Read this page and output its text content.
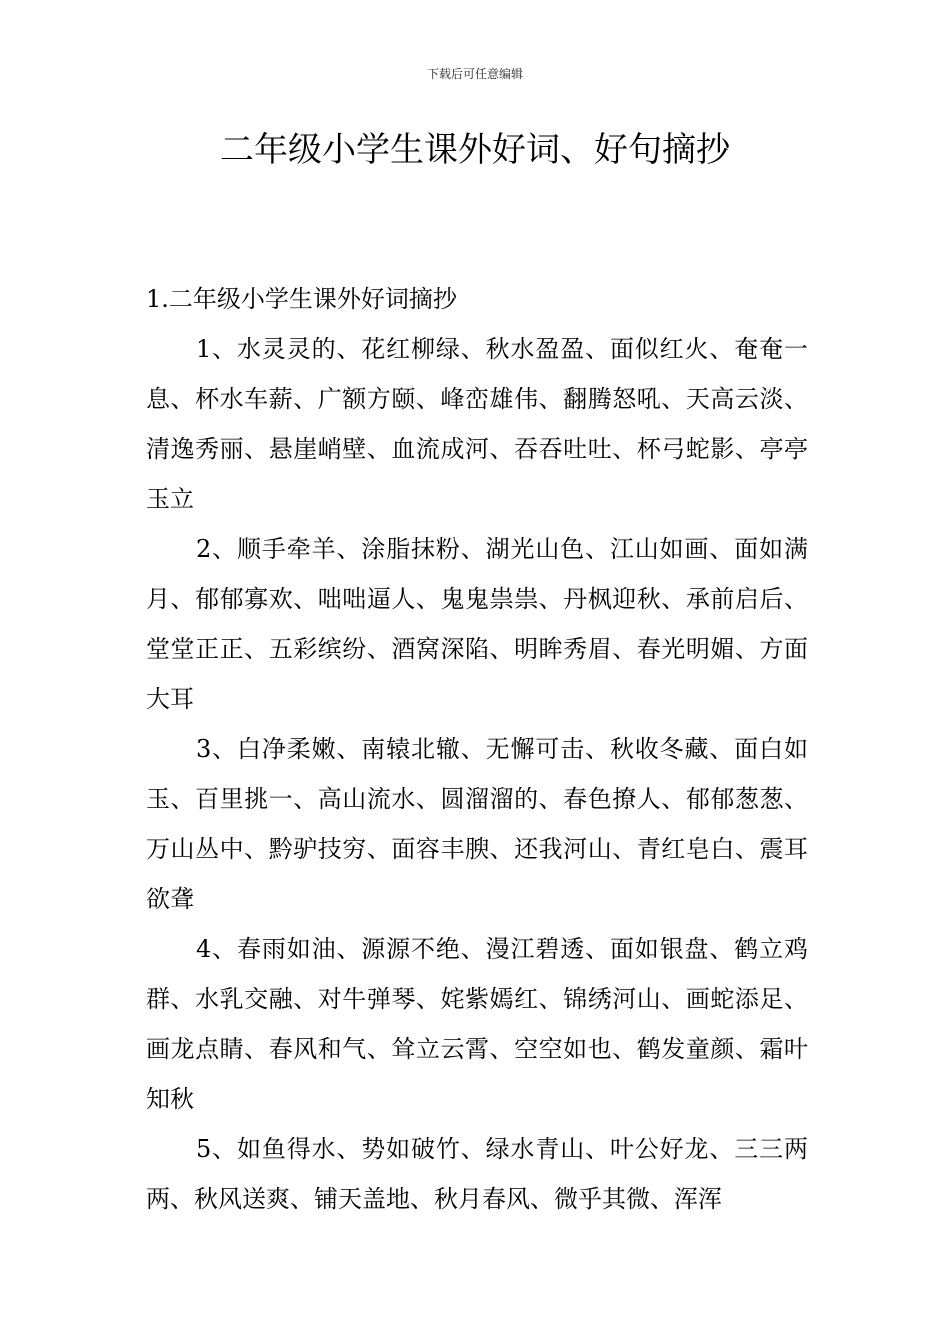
下载后可任意编辑
二年级小学生课外好词、好句摘抄
1.二年级小学生课外好词摘抄

1、水灵灵的、花红柳绿、秋水盈盈、面似红火、奄奄一息、杯水车薪、广额方颐、峰峦雄伟、翻腾怒吼、天高云淡、清逸秀丽、悬崖峭壁、血流成河、吞吞吐吐、杯弓蛇影、亭亭玉立

2、顺手牵羊、涂脂抹粉、湖光山色、江山如画、面如满月、郁郁寡欢、咄咄逼人、鬼鬼祟祟、丹枫迎秋、承前启后、堂堂正正、五彩缤纷、酒窝深陷、明眸秀眉、春光明媚、方面大耳

3、白净柔嫩、南辕北辙、无懈可击、秋收冬藏、面白如玉、百里挑一、高山流水、圆溜溜的、春色撩人、郁郁葱葱、万山丛中、黔驴技穷、面容丰腴、还我河山、青红皂白、震耳欲聋

4、春雨如油、源源不绝、漫江碧透、面如银盘、鹤立鸡群、水乳交融、对牛弹琴、姹紫嫣红、锦绣河山、画蛇添足、画龙点睛、春风和气、耸立云霄、空空如也、鹤发童颜、霜叶知秋

5、如鱼得水、势如破竹、绿水青山、叶公好龙、三三两两、秋风送爽、铺天盖地、秋月春风、微乎其微、浑浑
